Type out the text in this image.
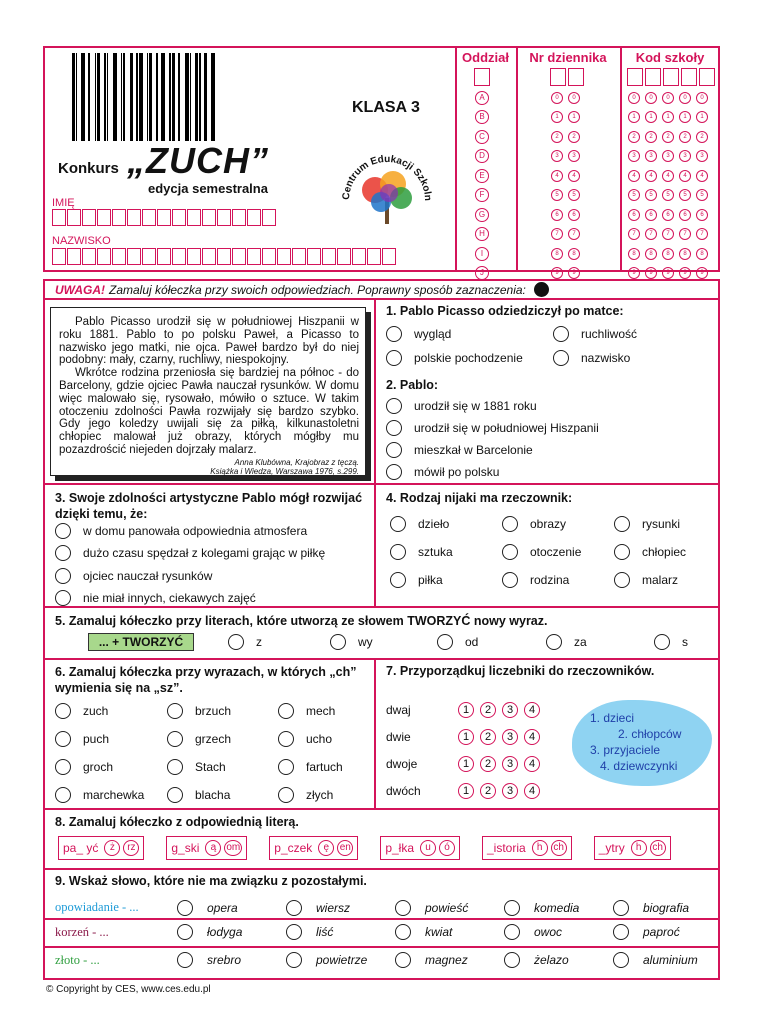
Konkurs „ZUCH”
edycja semestralna
KLASA 3
IMIĘ
NAZWISKO
Centrum Edukacji Szkoln
Oddział
A
B
C
D
E
F
G
H
I
J
Nr dziennika
0	0
1	1
2	2
3	3
4	4
5	5
6	6
7	7
8	8
9	9
Kod szkoły
0	0	0	0	0
1	1	1	1	1
2	2	2	2	2
3	3	3	3	3
4	4	4	4	4
5	5	5	5	5
6	6	6	6	6
7	7	7	7	7
8	8	8	8	8
9	9	9	9	9
UWAGA! Zamaluj kółeczka przy swoich odpowiedziach. Poprawny sposób zaznaczenia:

Pablo Picasso urodził się w południowej Hiszpanii w roku 1881. Pablo to po polsku Paweł, a Picasso to nazwisko jego matki, nie ojca. Paweł bardzo był do niej podobny: mały, czarny, ruchliwy, niespokojny.

Wkrótce rodzina przeniosła się bardziej na północ - do Barcelony, gdzie ojciec Pawła nauczał rysunków. W domu więc malowało się, rysowało, mówiło o sztuce. W takim otoczeniu zdolności Pawła rozwijały się bardzo szybko. Gdy jego koledzy uwijali się za piłką, kilkunastoletni chłopiec malował już obrazy, których mógłby mu pozazdrościć niejeden dojrzały malarz.

Anna Klubówna, Krajobraz z tęczą.

Książka i Wiedza, Warszawa 1976, s.299.

1. Pablo Picasso odziedziczył po matce:
wygląd	ruchliwość
polskie pochodzenie	nazwisko
2. Pablo:
urodził się w 1881 roku
urodził się w południowej Hiszpanii
mieszkał w Barcelonie
mówił po polsku
3. Swoje zdolności artystyczne Pablo mógł rozwijać dzięki temu, że:
w domu panowała odpowiednia atmosfera
dużo czasu spędzał z kolegami grając w piłkę
ojciec nauczał rysunków
nie miał innych, ciekawych zajęć
4. Rodzaj nijaki ma rzeczownik:
dzieło	obrazy	rysunki
sztuka	otoczenie	chłopiec
piłka	rodzina	malarz
5. Zamaluj kółeczko przy literach, które utworzą ze słowem TWORZYĆ nowy wyraz.
... + TWORZYĆ	z	wy	od	za	s
6. Zamaluj kółeczka przy wyrazach, w których „ch” wymienia się na „sz”.
zuch	brzuch	mech
puch	grzech	ucho
groch	Stach	fartuch
marchewka	blacha	złych
7. Przyporządkuj liczebniki do rzeczowników.
dwaj	1	2	3	4
dwie	1	2	3	4
dwoje	1	2	3	4
dwóch	1	2	3	4
1. dzieci
2. chłopców
3. przyjaciele
4. dziewczynki
8. Zamaluj kółeczko z odpowiednią literą.
pa_ yć	ż	rz	g_ski	ą	om	p_czek	ę	en	p_łka	u	ó	_istoria	h	ch	_ytry	h	ch
9. Wskaż słowo, które nie ma związku z pozostałymi.
opowiadanie - ...	opera	wiersz	powieść	komedia	biografia
korzeń - ...	łodyga	liść	kwiat	owoc	paproć
złoto - ...	srebro	powietrze	magnez	żelazo	aluminium
© Copyright by CES, www.ces.edu.pl
